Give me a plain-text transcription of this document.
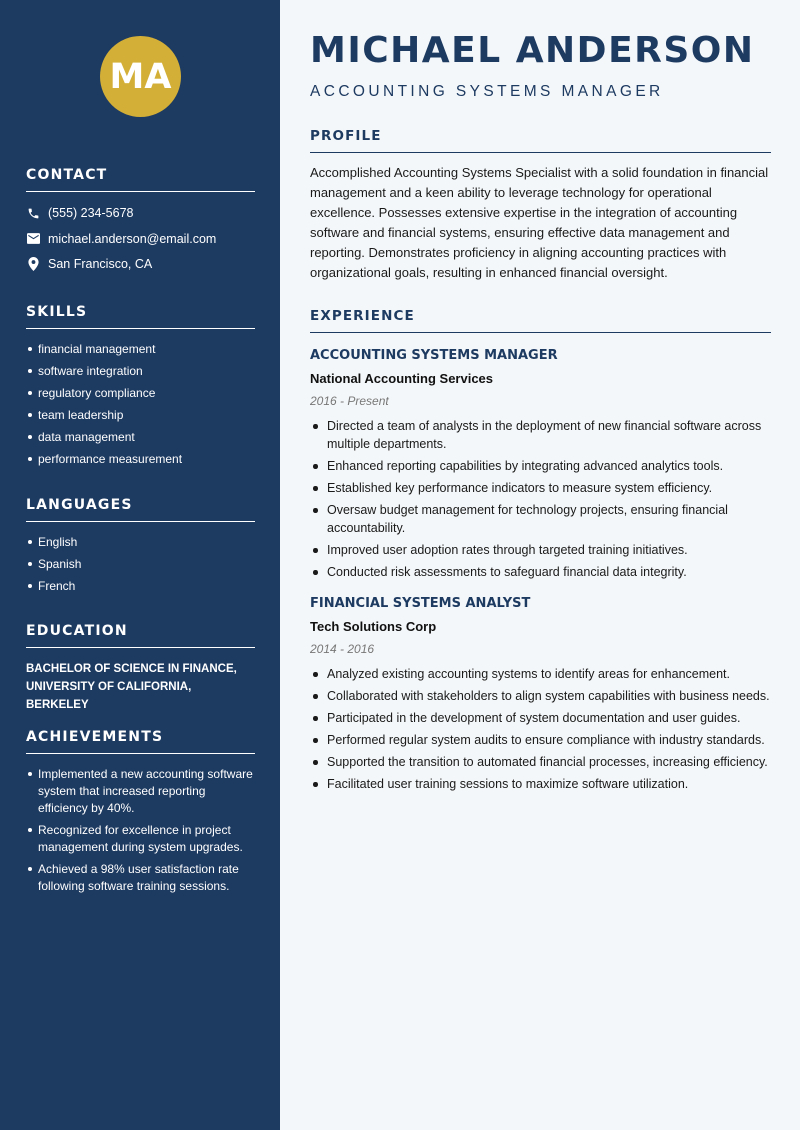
MA
CONTACT
(555) 234-5678
michael.anderson@email.com
San Francisco, CA
SKILLS
financial management
software integration
regulatory compliance
team leadership
data management
performance measurement
LANGUAGES
English
Spanish
French
EDUCATION
BACHELOR OF SCIENCE IN FINANCE,
UNIVERSITY OF CALIFORNIA, BERKELEY
ACHIEVEMENTS
Implemented a new accounting software system that increased reporting efficiency by 40%.
Recognized for excellence in project management during system upgrades.
Achieved a 98% user satisfaction rate following software training sessions.
MICHAEL ANDERSON
ACCOUNTING SYSTEMS MANAGER
PROFILE

Accomplished Accounting Systems Specialist with a solid foundation in financial management and a keen ability to leverage technology for operational excellence. Possesses extensive expertise in the integration of accounting software and financial systems, ensuring effective data management and reporting. Demonstrates proficiency in aligning accounting practices with organizational goals, resulting in enhanced financial oversight.

EXPERIENCE
ACCOUNTING SYSTEMS MANAGER
National Accounting Services
2016 - Present
Directed a team of analysts in the deployment of new financial software across multiple departments.
Enhanced reporting capabilities by integrating advanced analytics tools.
Established key performance indicators to measure system efficiency.
Oversaw budget management for technology projects, ensuring financial accountability.
Improved user adoption rates through targeted training initiatives.
Conducted risk assessments to safeguard financial data integrity.
FINANCIAL SYSTEMS ANALYST
Tech Solutions Corp
2014 - 2016
Analyzed existing accounting systems to identify areas for enhancement.
Collaborated with stakeholders to align system capabilities with business needs.
Participated in the development of system documentation and user guides.
Performed regular system audits to ensure compliance with industry standards.
Supported the transition to automated financial processes, increasing efficiency.
Facilitated user training sessions to maximize software utilization.
